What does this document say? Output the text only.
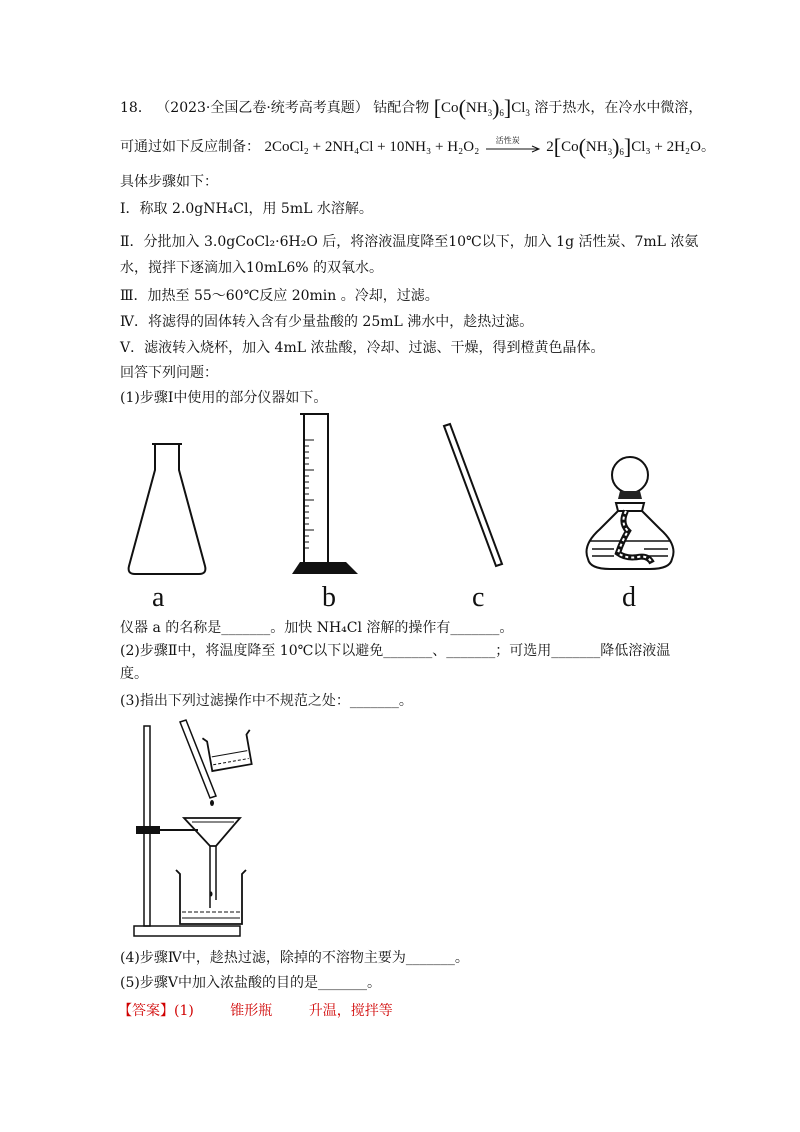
18． （2023·全国乙卷·统考高考真题） 钴配合物 $[Co(NH_3)_6]Cl_3$ 溶于热水，在冷水中微溶，
可通过如下反应制备： 2CoCl₂ + 2NH₄Cl + 10NH₃ + H₂O₂ 活性炭 $2[Co(NH_3)_6]Cl_3 + 2H_2O$。
具体步骤如下：
Ⅰ．称取 2.0gNH₄Cl，用 5mL 水溶解。
Ⅱ．分批加入 3.0gCoCl₂·6H₂O 后，将溶液温度降至10℃以下，加入 1g 活性炭、7mL 浓氨
水，搅拌下逐滴加入10mL6% 的双氧水。
Ⅲ．加热至 55～60℃反应 20min 。冷却，过滤。
Ⅳ．将滤得的固体转入含有少量盐酸的 25mL 沸水中，趁热过滤。
Ⅴ．滤液转入烧杯，加入 4mL 浓盐酸，冷却、过滤、干燥，得到橙黄色晶体。
回答下列问题：
(1)步骤Ⅰ中使用的部分仪器如下。
a	b	c	d
仪器 a 的名称是_______。加快 NH₄Cl 溶解的操作有_______。
(2)步骤Ⅱ中，将温度降至 10℃以下以避免_______、_______；可选用_______降低溶液温
度。
(3)指出下列过滤操作中不规范之处：_______。
(4)步骤Ⅳ中，趁热过滤，除掉的不溶物主要为_______。
(5)步骤Ⅴ中加入浓盐酸的目的是_______。
【答案】(1)	锥形瓶	升温，搅拌等
